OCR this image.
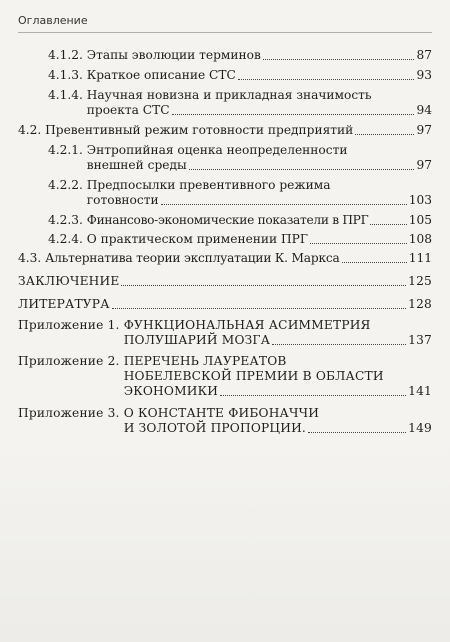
Оглавление
4.1.2. Этапы эволюции терминов	87
4.1.3. Краткое описание СТС	93
4.1.4. Научная новизна и прикладная значимость
проекта СТС	94
4.2. Превентивный режим готовности предприятий	97
4.2.1. Энтропийная оценка неопределенности
внешней среды	97
4.2.2. Предпосылки превентивного режима
готовности	103
4.2.3. Финансово-экономические показатели в ПРГ	105
4.2.4. О практическом применении ПРГ	108
4.3. Альтернатива теории эксплуатации К. Маркса	111
ЗАКЛЮЧЕНИЕ	125
ЛИТЕРАТУРА	128
Приложение 1. ФУНКЦИОНАЛЬНАЯ АСИММЕТРИЯ
ПОЛУШАРИЙ МОЗГА	137
Приложение 2. ПЕРЕЧЕНЬ ЛАУРЕАТОВ
НОБЕЛЕВСКОЙ ПРЕМИИ В ОБЛАСТИ
ЭКОНОМИКИ	141
Приложение 3. О КОНСТАНТЕ ФИБОНАЧЧИ
И ЗОЛОТОЙ ПРОПОРЦИИ.	149
